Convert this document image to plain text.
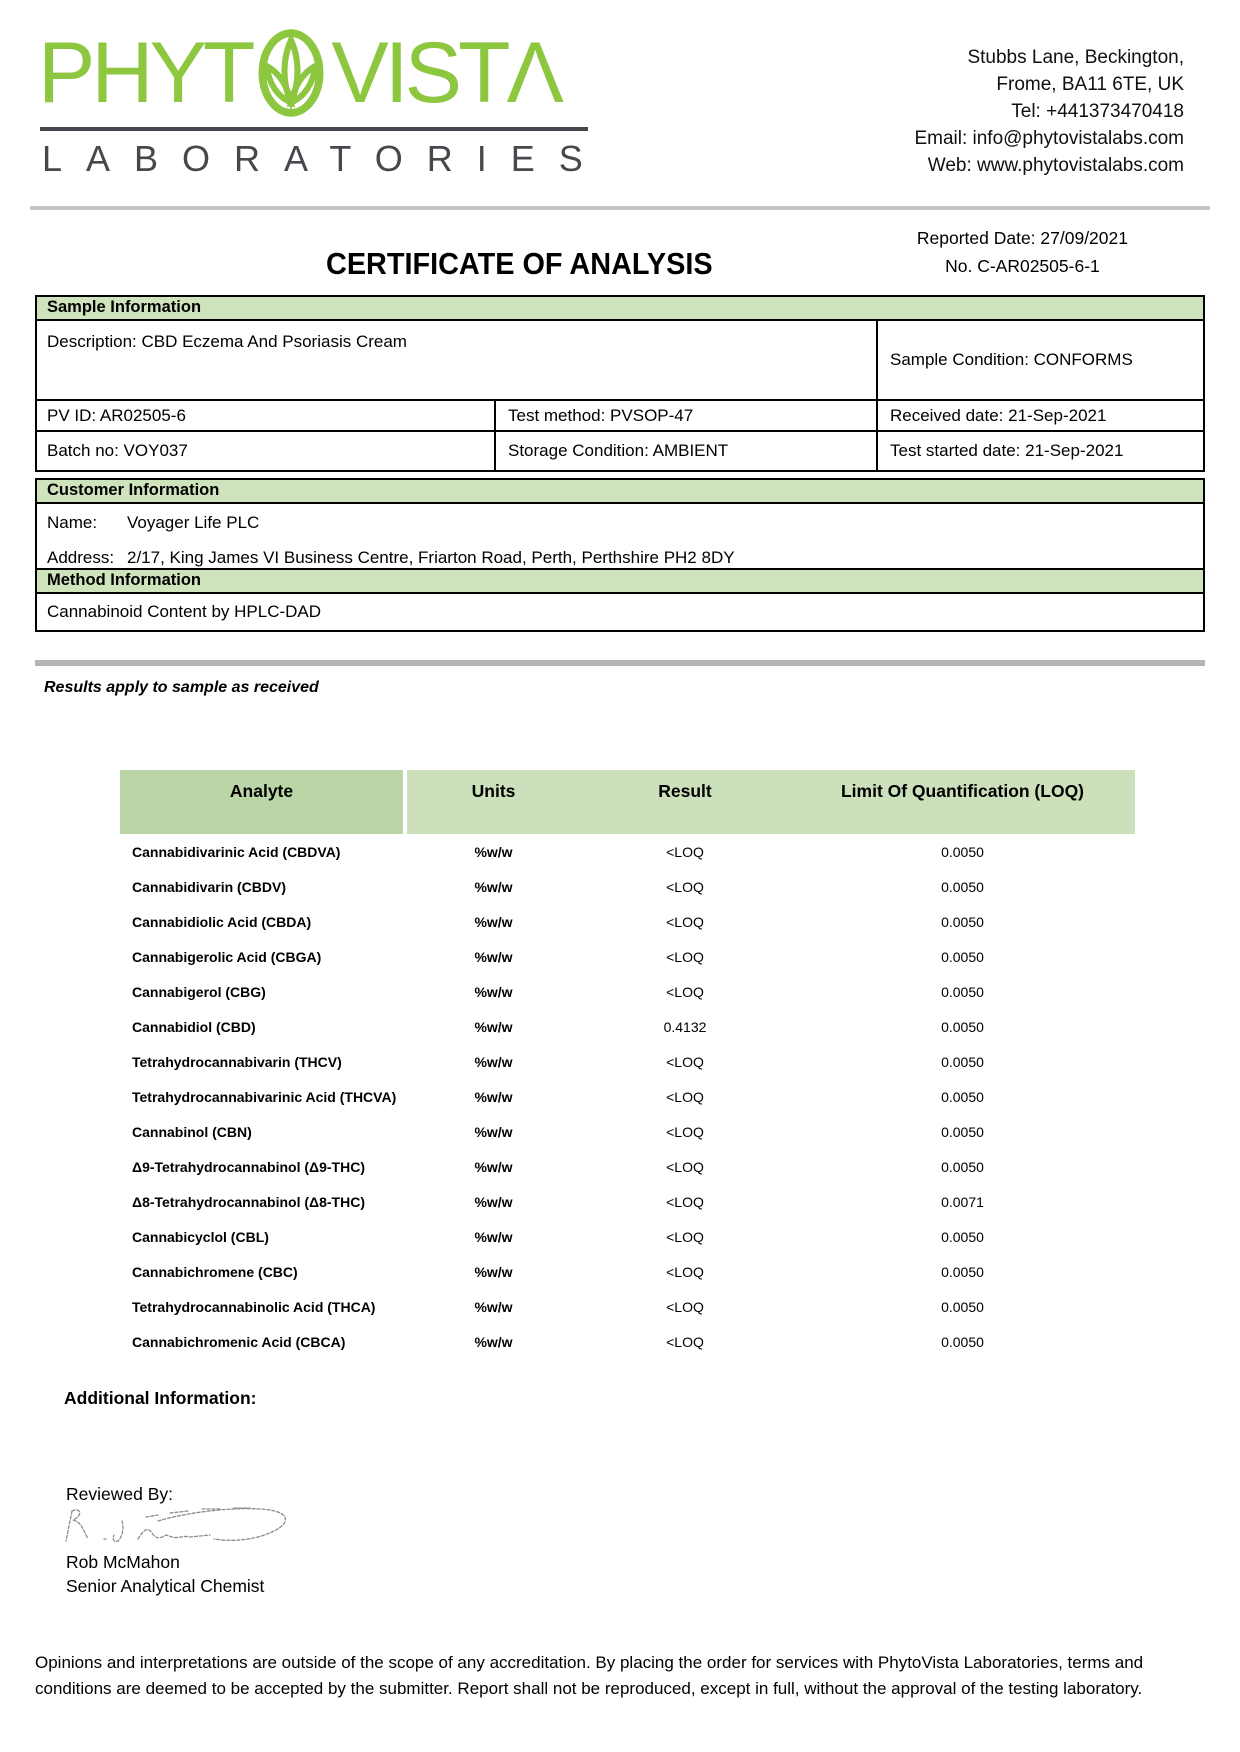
PHYT VIST Λ
LABORATORIES
Stubbs Lane, Beckington,
Frome, BA11 6TE, UK
Tel: +441373470418
Email: info@phytovistalabs.com
Web: www.phytovistalabs.com
CERTIFICATE OF ANALYSIS
Reported Date: 27/09/2021
No. C-AR02505-6-1
Sample Information
Description: CBD Eczema And Psoriasis Cream
Sample Condition: CONFORMS
PV ID: AR02505-6	Test method: PVSOP-47	Received date: 21-Sep-2021
Batch no: VOY037	Storage Condition: AMBIENT	Test started date: 21-Sep-2021
Customer Information
Name:	Voyager Life PLC
Address: 2/17, King James VI Business Centre, Friarton Road, Perth, Perthshire PH2 8DY
Method Information
Cannabinoid Content by HPLC-DAD
Results apply to sample as received
Analyte	Units	Result	Limit Of Quantification (LOQ)
Cannabidivarinic Acid (CBDVA)	%w/w	<LOQ	0.0050
Cannabidivarin (CBDV)	%w/w	<LOQ	0.0050
Cannabidiolic Acid (CBDA)	%w/w	<LOQ	0.0050
Cannabigerolic Acid (CBGA)	%w/w	<LOQ	0.0050
Cannabigerol (CBG)	%w/w	<LOQ	0.0050
Cannabidiol (CBD)	%w/w	0.4132	0.0050
Tetrahydrocannabivarin (THCV)	%w/w	<LOQ	0.0050
Tetrahydrocannabivarinic Acid (THCVA)	%w/w	<LOQ	0.0050
Cannabinol (CBN)	%w/w	<LOQ	0.0050
Δ9-Tetrahydrocannabinol (Δ9-THC)	%w/w	<LOQ	0.0050
Δ8-Tetrahydrocannabinol (Δ8-THC)	%w/w	<LOQ	0.0071
Cannabicyclol (CBL)	%w/w	<LOQ	0.0050
Cannabichromene (CBC)	%w/w	<LOQ	0.0050
Tetrahydrocannabinolic Acid (THCA)	%w/w	<LOQ	0.0050
Cannabichromenic Acid (CBCA)	%w/w	<LOQ	0.0050
Additional Information:
Reviewed By:
Rob McMahon
Senior Analytical Chemist
Opinions and interpretations are outside of the scope of any accreditation. By placing the order for services with PhytoVista Laboratories, terms and conditions are deemed to be accepted by the submitter. Report shall not be reproduced, except in full, without the approval of the testing laboratory.
